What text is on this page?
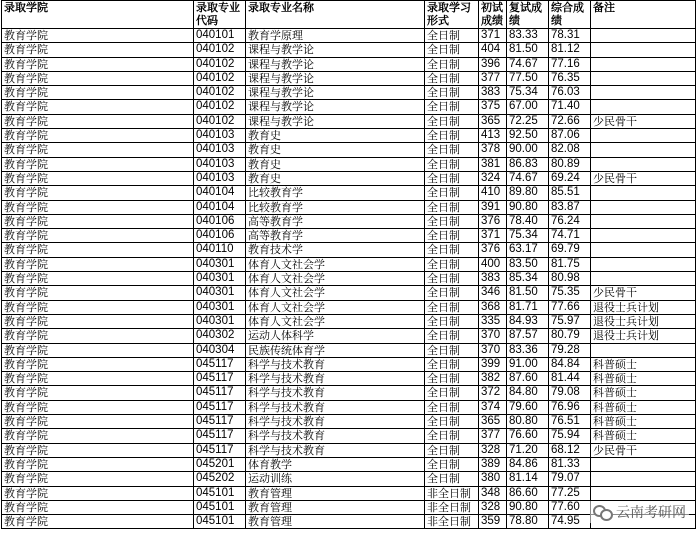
录取学院	录取专业代码	录取专业名称	录取学习形式	初试成绩	复试成绩	综合成绩	备注
教育学院	040101	教育学原理	全日制	371	83.33	78.31	
教育学院	040102	课程与教学论	全日制	404	81.50	81.12	
教育学院	040102	课程与教学论	全日制	396	74.67	77.16	
教育学院	040102	课程与教学论	全日制	377	77.50	76.35	
教育学院	040102	课程与教学论	全日制	383	75.34	76.03	
教育学院	040102	课程与教学论	全日制	375	67.00	71.40	
教育学院	040102	课程与教学论	全日制	365	72.25	72.66	少民骨干
教育学院	040103	教育史	全日制	413	92.50	87.06	
教育学院	040103	教育史	全日制	378	90.00	82.08	
教育学院	040103	教育史	全日制	381	86.83	80.89	
教育学院	040103	教育史	全日制	324	74.67	69.24	少民骨干
教育学院	040104	比较教育学	全日制	410	89.80	85.51	
教育学院	040104	比较教育学	全日制	391	90.80	83.87	
教育学院	040106	高等教育学	全日制	376	78.40	76.24	
教育学院	040106	高等教育学	全日制	371	75.34	74.71	
教育学院	040110	教育技术学	全日制	376	63.17	69.79	
教育学院	040301	体育人文社会学	全日制	400	83.50	81.75	
教育学院	040301	体育人文社会学	全日制	383	85.34	80.98	
教育学院	040301	体育人文社会学	全日制	346	81.50	75.35	少民骨干
教育学院	040301	体育人文社会学	全日制	368	81.71	77.66	退役士兵计划
教育学院	040301	体育人文社会学	全日制	335	84.93	75.97	退役士兵计划
教育学院	040302	运动人体科学	全日制	370	87.57	80.79	退役士兵计划
教育学院	040304	民族传统体育学	全日制	370	83.36	79.28	
教育学院	045117	科学与技术教育	全日制	399	91.00	84.84	科普硕士
教育学院	045117	科学与技术教育	全日制	382	87.60	81.44	科普硕士
教育学院	045117	科学与技术教育	全日制	372	84.80	79.08	科普硕士
教育学院	045117	科学与技术教育	全日制	374	79.60	76.96	科普硕士
教育学院	045117	科学与技术教育	全日制	365	80.80	76.51	科普硕士
教育学院	045117	科学与技术教育	全日制	377	76.60	75.94	科普硕士
教育学院	045117	科学与技术教育	全日制	328	71.20	68.12	少民骨干
教育学院	045201	体育教学	全日制	389	84.86	81.33	
教育学院	045202	运动训练	全日制	380	81.14	79.07	
教育学院	045101	教育管理	非全日制	348	86.60	77.25	
教育学院	045101	教育管理	非全日制	328	90.80	77.60	
教育学院	045101	教育管理	非全日制	359	78.80	74.95	
云南考研网
